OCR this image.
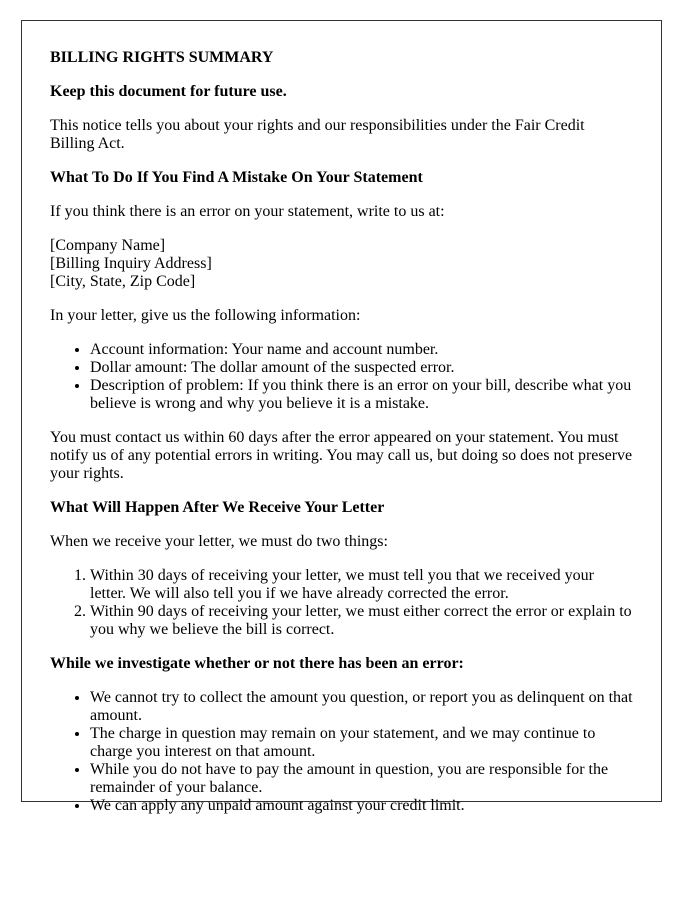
BILLING RIGHTS SUMMARY

Keep this document for future use.

This notice tells you about your rights and our responsibilities under the Fair Credit Billing Act.

What To Do If You Find A Mistake On Your Statement

If you think there is an error on your statement, write to us at:

[Company Name]
[Billing Inquiry Address]
[City, State, Zip Code]

In your letter, give us the following information:

• Account information: Your name and account number.
• Dollar amount: The dollar amount of the suspected error.
• Description of problem: If you think there is an error on your bill, describe what you believe is wrong and why you believe it is a mistake.

You must contact us within 60 days after the error appeared on your statement. You must notify us of any potential errors in writing. You may call us, but doing so does not preserve your rights.

What Will Happen After We Receive Your Letter

When we receive your letter, we must do two things:

1. Within 30 days of receiving your letter, we must tell you that we received your letter. We will also tell you if we have already corrected the error.
2. Within 90 days of receiving your letter, we must either correct the error or explain to you why we believe the bill is correct.

While we investigate whether or not there has been an error:

• We cannot try to collect the amount you question, or report you as delinquent on that amount.
• The charge in question may remain on your statement, and we may continue to charge you interest on that amount.
• While you do not have to pay the amount in question, you are responsible for the remainder of your balance.
• We can apply any unpaid amount against your credit limit.
